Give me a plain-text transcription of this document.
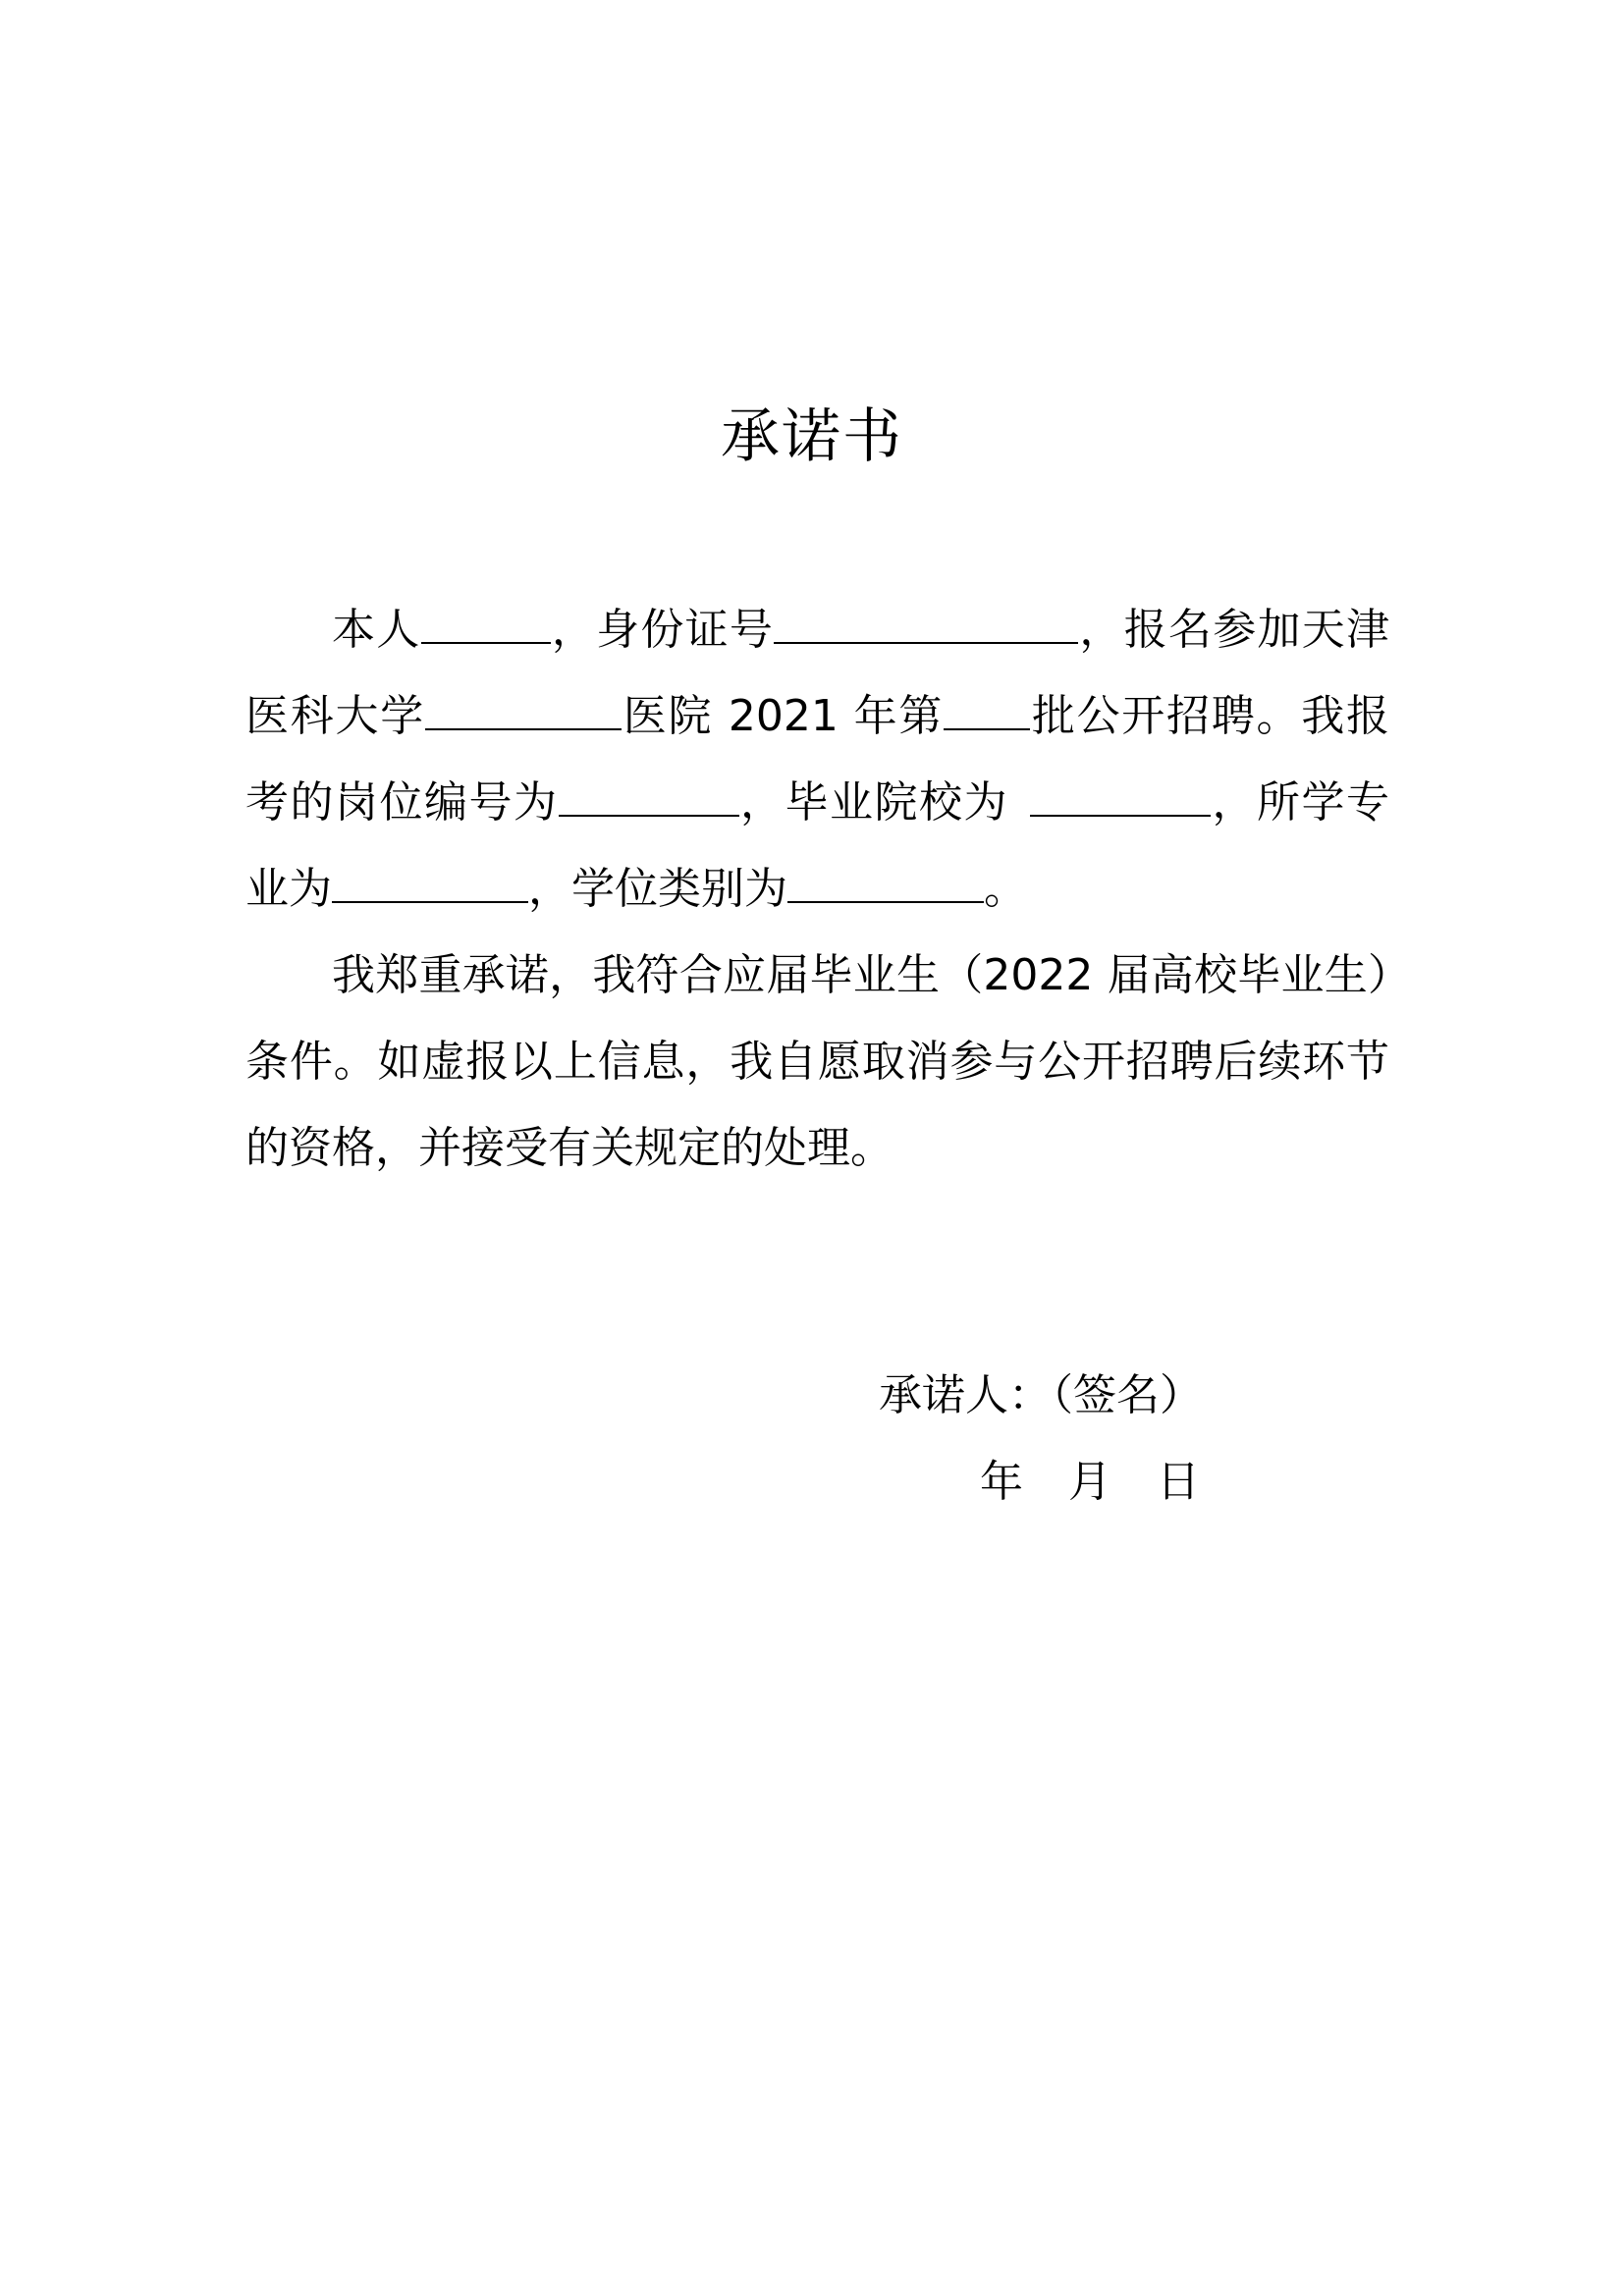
承诺书
本人	，身份证号	，报名参加天津医科大学	医院 2021 年第 批公开招聘。我报考的岗位编号为	，毕业院校为	，所学专业为	，学位类别为	。
我郑重承诺，我符合应届毕业生（2022 届高校毕业生）条件。如虚报以上信息，我自愿取消参与公开招聘后续环节的资格，并接受有关规定的处理。
承诺人：（签名）
年 月 日
